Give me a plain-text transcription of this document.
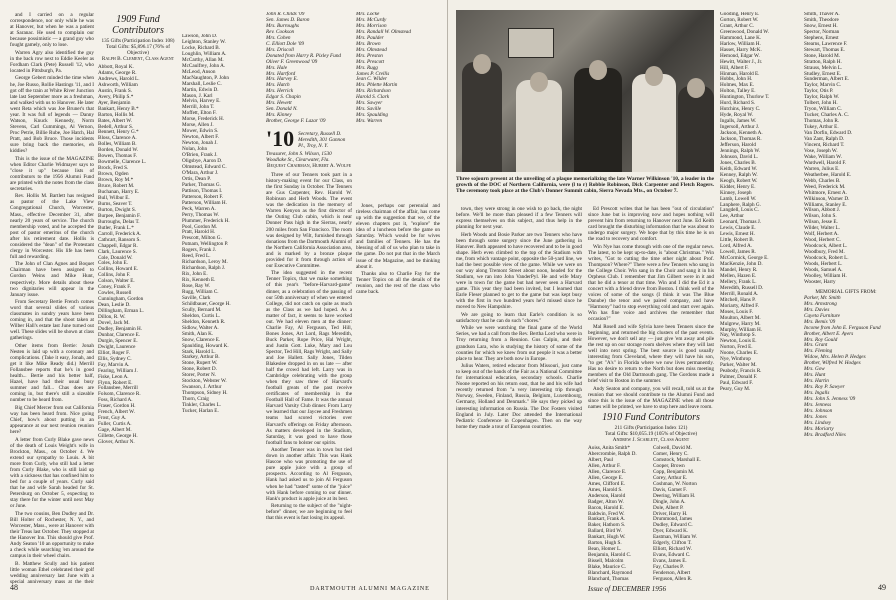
and I carried on a regular correspondence, nor only while he was at Hanover, but when he was a patient at Saranac. He used to complain our because possimistic — a grand guy who fought gamely, only to lose.

Warren Agry also identified the guy in the back row next to Eddie Keeler as Fordham Clark (Pete) Russell '12, who located in Pittsburgh, Pa.

George Gebert minded the time when he, Joe Russo, Rollie Hastings '11, and I got off the train at White River Junction late last September more as a freshman, and walked with us to Hanover. He later went Reta which was Joe Bruner's that year. It was full of legends — Danny Watson, Knuck Kennedy, Norm Stevens, Carl Cummings, Al Vernon, Proc Petrie, Billie Rube, Joe Hatch, Hal Pratt, and Bob Bruce. Those incidents sure bring back the memories, eh kiddies?

This is the issue of the MAGAZINE when Editor Charlie Widmayer says to "close it up" because lists of contributors to the 1956 Alumni Fund are printed with the notes from the class secretaries.

Rev. Hollis M. Bartlett has resigned as pastor of the Lake View Congregational Church, Worcester, Mass., effective December 31, after nearly 20 years of service. The church membership voted, and he accepted the post of pastor emeritus of the church after his retirement date. Hollis is considered the "dean" of the Protestant clergy in Worcester. His life has been full and rewarding.

The John of Clan Agnes and Boquet Chairman have been assigned to Gordon Weins and Mike Hunt, respectively. More details about these two dignitaries will appear in the January issue.

From Secretary Bertie French comes word that several slides of various classmates in sundry years have been coming in, and that the shoot taken at Wilber Hall's estate last June turned out well. These slides will be shown at class gatherings.

Other items from Bertie: Jonah Nesten is laid up with a coronary and complications. (Take it easy, Jonah, and get it like Mike Ready did.) Merrill Follansbee reports that he's in good health... Bertie and his better half, Hazel, have had their usual busy summer and fall... Chas does are coming in, but there's still a sizeable number to be heard from.

Big Chief Mercer from out California way has been heard from. Nice going Chief, how's about putting in an appearance at our next reunion reunion here?

A letter from Curly Blake gave news of the death of Louis Weight's wife in Brockton, Mass., on October 4. We extend our sympathy to Louis. A bit more from Curly, who still had a letter from Curly Blake, who is still laid up with a sickness that has confined him to bed for a couple of years. Curly said that he and wife Sarah headed for St. Petersburg on October 5, expecting to stay there for the winter until next May or June.

The two cousins, Ben Dudley and Dr. Bill Holter of Rochester, N. Y., and Worcester, Mass., were at Hanover with their Treas last October. They stopped at the Hanover Inn. This should give Prof. Andy Seaton '10 an opportunity to make a check while searching 'em around the campus in their wheel chairs.

B. Matthew Scully and his patient little woman Ethel celebrated their golf wedding anniversary last June with a special anniversary mass at the their

1909 Fund Contributors
135 Gifts (Participation Index 108)
Total Gifts: $5,896.17 (76% of Objective)
Ralph B. Clement, Class Agent
Abbott, Royal K.
Adams, George R.
Andrews, Harold L.
Ashworth, William
Austin, Frank S.
Avery, Philip S.*
Ayer, Benjamin
Bankart, Henry B.*
Barton, Hollis M.
Bates, Albert W.
Bedell, Arthur S.
Bennett, Henry G.*
Bloss, Clarence A.
Bolles, William B.
Borden, Donald W.
Bowen, Thomas F.
Bowmelle, Clarence L.
Brock, Fred S.
Brown, Ogden
Brown, Roy M.*
Bruce, Robert M.
Buchanan, Harry E.
Bull, Wilbur E.
Burns, Seaver T.
Burton, Dwight S.
Burpee, Benjamin F.
Burroughs, Delas T.
Butler, Frank L.*
Carroll, Frederick A.
Cathcart, Ransom S.
Chappell, Edgar R.
Clark, Laurence S.
Cole, Donald W.
Coles, John E.
Collins, Howard E.
Collins, John F.
Colson, Walter E.
Coney, Frank F.
Cowles, Russell
Cunningham, Gordon
Dean, Leslie D.
Dillingham, Erman L.
Dillon, R. W.
Dovel, Jack M.
Dudley, Benjamin H.
Dunbar, Clarence E.
Durgin, Spencer E.
Dwight, Laurence
Elliot, Roger F.
Ellis, Sydney C.
Fay, Marvin A.
Fearing, William J.
Fiske, Leon A.
Flynn, Robert E.
Follansbee, Merrill
Folsom, Clarence R.
Foss, Richard A.
Fraser, Gordon H.
French, Albert W.
Frost, Guy A.
Fuller, Curtis A.
Gage, Albert M.
Gillette, George H.
Glover, Arthur N.
Lawson, John D.
Leighton, Stanley W.
Locke, Richard B.
Loughlin, William A.
McCarthy, Allan M.
McCaulfrey, John A.
McLeod, Anson
MacNaughton, P. John
Marshall, Leslie C.
Martin, Edwin D.
Mason, J. Karl
Melvin, Harvey E.
Merrill, John T.
Moffett, Elton F.
Morse, Frederick H.
Morse, Allen J.
Mower, Edwin S.
Newton, Albert F.
Newton, Jonah J.
Nolan, John
O'Brien, Frank J.
Oligsbye, Aaron D.
Olmstead, Edward C.
O'Mara, Arthur J.
Ortis, Dean P.
Parker, Thomas G.
Pattison, Thomas I.
Patterson, Robert F.
Patterson, William H.
Peck, Warren A.
Perry, Thomas W.
Plummer, Frederick H.
Pool, Gordon M.
Pratt, Harold H.
Prescott, Milton G.
Putnam, Wellington P.
Rogers, Frank J.
Reed, Fred L.
Richardson, Leroy M.
Richardson, Ralph J.
Rix, John E.
Rix, Kenneth E.
Rose, Ray W.
Rugg, William C.
Saville, Clark
Schildbauer, George H.
Scully, Bernard M.
Sheldon, Curtis L.
Sheldon, Kenneth R.
Sidlow, Walter A.
Smith, Alan K.
Snow, Clarence E.
Spaulding, Howard K.
Stark, Harold L.
Starkey, Arthur B.
Stone, Rupert W.
Stone, Robert D.
Storer, Porter N.
Stockton, Webster W.
Swanson, J. Arthur
Thompson, Sidney H.
Thorn, Craig
Tinkler, Charles L.
Tucker, Harlan E.
John R. Childs '09
Sen. James D. Baron
Mrs. Burroughs
Rev. Cookson
Mrs. Cohen
C. Elliott Dole '09
Mrs. Driscoll
Donated from Harry R. Pixley Fund
Oliver F. Greenwood '09
Mrs. Hale
Mrs. Hartford
Mrs. Harvey E.
Mrs. Hatch
Mrs. Herrick
Edgar S. Chapin
Mrs. Hewett
Sen. Donald N.
Mrs. Kinney
Brother, George F. Lazar '09
'10 Secretary, Russell D. Meredith, 301 Gannon Pl., Troy, N. Y.
Treasurer, John S. Wilson, 1530 Woodlake St., Clearwater, Fla.
Bequest Chairman, Hubert A. Wolfe

Three of our Tenners took part in a history-making event for our Class, on the first Sunday in October. The Tenners are Gus Carpenter, Rev. Harold W. Robinson and Herb Woods. The event was the dedication in the memory of Warren Kenyon as the first director of the Outing Club cabin, which is near Donner Pass high in the Sierras, nearly 200 miles from San Francisco. The room was designed by Wilt, furnished through donations from the Dartmouth Alumni of the Northern California Association area, and is marked by a bronze plaque provided for it from through action of our Executive Committee.

The idea suggested in the recent Tenner Topics, that we make something of this year's "before-Harvard-game" dinner, as a celebration of the passing of our 50th anniversary of when we entered College, did not catch on quite as much as the Class as we had hoped. As a matter of fact, it seems to have worked out. We had eleven men at the dinner: Charlie Fay, Al Ferguson, Ted Hill, Bones Jones, Art Lord, Rags Meredith, Buck Parker, Rope Price, Hal Wright, and Justin Gott. Luke, Mary and Lou Spector, Ted Hill, Rags Wright, and Sally and Joe Hallett. Sally Jones, Tilden Blakeslee dropped in on us late — after half the crowd had left. Larry was in Cambridge celebrating with the group when they saw three of Harvard's football greats of the past receive certificates of membership in the Football Hall of Fame. It was the annual Harvard Varsity Club dinner. From Larry we learned that our Jaycee and Freshmen teams had scored victories over Harvard's offerings on Friday afternoon. As matters developed in the Stadium, Saturday, it was good to have those football fans to bolster our spirits.

Another Tenner was in town but tied down in another affair. This was Hank Hascoe who was promoting the use of pure apple juice with a group of prospects. According to Al Ferguson, Hank had asked us to join Al Ferguson when he had "tasted" some of the "juice" with Hank before coming to our dinner. Hank's product is apple juice at its best.

Returning to the subject of the "night-before" dinner, we are beginning to feel that this event is fast losing its appeal.

Mrs. Locke
Mrs. McCurdy
Mrs. Morrison
Mrs. Randall W. Olmstead
Mrs. Paulder
Mrs. Brown
Mrs. Olmstead
Mrs. Preston
Mrs. Prescott
Mrs. Rugg
James P. Crellis
Jean C. Wilder
Mrs. Phlette Martin
Mrs. Richardson
Harold S. Clark
Mrs. Sawyer
Mrs. Saville
Mrs. Spaulding
Mrs. Warren

Jones, perhaps our perennial and tireless chairman of the affair, has come up with the suggestion that we, of the eleven chapters put it, "explore" the idea of a luncheon before the game on Saturday. Which would be for wives and families of Tenners. He has the blessing of all of us who plan to take in the game. Do not put that in the March issue of the Magazine, and be thinking about it.

Thanks also to Charlie Fay for the Tenner Topics on all the details of the reunion, and the rest of the class who came back.

48	DARTMOUTH ALUMNI MAGAZINE
Three sojourn present at the unveiling of a plaque memorializing the late Warner Wilkinson '10, a leader in the growth of the DOC of Northern California, were (l to r) Robbie Robinson, Dick Carpenter and Fletch Rogers. The ceremony took place at the Club's Donner Summit cabin, Sierra Nevada Mts., on October 7.

town, they were strong in one wish to go back, the night before. We'll be more than pleased if a few Tenners will express themselves on this subject, and thus help in the planning for next year.

Herb Woods and Bosie Parker are two Tenners who have been through some surgery since the June gathering in Hanover. Both appeared to have recovered and to be in good shape. Herb even climbed to the top of the Stadium with me, from which vantage point, opposite the 50-yard line, we had the best possible view of the game. While we were on our way along Tremont Street about noon, headed for the Stadium, we ran into John VanderPyl. He and wife Mary were in town for the game but had never seen a Harvard game. This year they had been invited, but I learned that Earle Fleser planned to get to the game but was kept busy with the first in two hundred years he'd missed since he moved to New Hampshire.

We are going to learn that Earle's condition is so satisfactory that he can do such "chores."

While we were watching the final game of the World Series, we had a call from the Rev. Bertha Lord who were in Troy returning from a Reunion. Gus Calpin, and their grandson Lara, who is studying the history of some of the counties for which we knew from out people it was a better place to hear. They are both now in Europe.

Julius Waters, retired educator from Missouri, just came to keep out of the hands of the Fair as a National Committee for international education, secondary schools. Charlie Noone reported on his return east, that he and his wife had recently returned from "a very interesting trip through Norway, Sweden, Finland, Russia, Belgium, Luxembourg, Germany, Holland and Denmark." He says they picked up interesting information on Russia. The Doc Fosters visited England in July. Later Doc attended the International Pediatric Conference in Copenhagen. Then on the way home they made a tour of European countries.

Ed Prescott writes that he has been "out of circulation" since June but is improving now and hopes nothing will prevent him from returning to Hanover next June. Ed Keith card brought the disturbing information that he was about to undergo major surgery. We hope that by this time he is on the road to recovery and comfort.

Win Nye has come through with one of the regular news. The latest, to be kept up-to-date, is "about Christmas." Win writes, "Got to cutting the time other night about Prof. Thompson? Where?" There were a few Tenners who sang in the College Choir. Win sang in the Choir and sang it in his Orpheus Club. I remember that Jim Gilbert were in it and that he did a tenor at that time. Win and I did the Ed it a concert with a friend drove from Boston. I think well of the voices of some of the songs (I think it was The Blue Danube) the tenor and we paired company, and have "Harmony" had to stop everything cold and start over again. Win has fine voice and archives the remember that occasion?"

Mal Rosell and wife Sylvia have been Tenners since the beginning, and returned the big clusters of the past events. However, we don't sell any — just give 'em away and pile the rest up on our storage room shelves where they will last well into next spring. The best source is good usually interesting from Cleveland, where they will have his son, "to get "A's" in Florida where we now lives permanently. Has no desire to return to the North but does miss meeting members of the Old Dartmouth gang. The Gordons made a brief visit to Boston in the summer.

Andy Seaton and company, you will recall, told us at the reunion that we should contribute to the Alumni Fund and since this is the issue of the MAGAZINE when all those names will be printed, we have to stop here and leave room.

1910 Fund Contributors
211 Gifts (Participation Index 121)
Total Gifts: $10,055.19 (105% of Objective)
Andrew J. Scarlett, Class Agent
Aoiss, Anita Smith*
Abercrombie, Ralph D.
Albert, Paul
Allen, Arthur F.
Allen, Clarence E.
Allen, George E.
Ames, Clifford E.
Ames, Harold S.
Anderson, Harold
Badger, Alton W.
Bacon, Harold E.
Baldwin, Fred W.
Bankart, Frank A.
Baker, Hathorn S.
Ballard, Bird W.
Bankart, Hugh W.
Barton, Hugh S.
Bean, Homer L.
Benjamin, Harold C.
Bissell, Malcolm
Blake, Maurice C.
Blanchard, Raymond
Blanchard, Thomas
Colwell, David M.
Comer, Henry C.
Comstock, Marshall E.
Cooper, Brown
Copp, Benjamin M.
Corey, Arthur E.
Coshman, W. Norton
Davis, Garnet F.
Deering, William H.
Dingle, John A.
Dole, Albert P.
Driver, Harry H.
Drummond, James
Dudley, Edward C.
Dyer, Edward K.
Eastman, William W.
Edgerly, Clifton T.
Elliott, Richard W.
Evans, Edward C.
Evans, James E.
Fay, Charles P.
Fenderson, Albert
Ferguson, Allen R.
Gooding, Henry E.
Gorton, Robert W.
Grant, Arthur C.
Greenwood, Donald W.
Hammond, Lane K.
Harlow, William H.
Hasset, Harry McK.
Hemond, Edgar W.
Hewitt, Walter J., Jr.
Hill, Albert F.
Hinman, Harold E.
Hobbs, John H.
Holmes, Max E.
Holton, Talley E.
Huntington, Thurlow T.
Hurd, Richard S.
Hutchins, Henry C.
Hyde, Royal W.
Ingalls, James W.
Ingersoll, Arthur J.
Jackson, Kenneth A.
Jackson, Thomas R.
Jefferson, Harold
Jennings, Ralph W.
Johnson, David L.
Jones, Charles B.
Keith, Edward W.
Kenney, Ralph W.
Keogh, Robert W.
Kidder, Henry E.
Kinney, Joseph
Lamb, Lowell W.
Lanphere, Ralph G.
Langdell, Louis C.
Lee, Arthur
Leonard, Thomas J.
Lewis, Claude E.
Lewis, Ernest H.
Little, Robert B.
Lord, Alfred A.
Lowell, James R.
McCormick, George E.
MacKenzie, John D.
Mandel, Henry R.
Mellen, Hazen E.
Mellery, Frank L.
Meredith, Russell D.
Merrill, Ronald A.
Mitchell, Hans P.
Moriarty, Alfred F.
Moses, Louis F.
Moulton, Albert M.
Mulgrew, Harry M.
Murphy, William H.
Nay, Winthrop S.
Newton, Louis E.
Norton, Fred E.
Noone, Charles E.
Nye, Winthrop
Parker, Walter M.
Peabody, Francis R.
Palmer, Donald F.
Paul, Edward F.
Peary, Guy M.
Smith, Thaver A.
Smith, Theodore
Snow, Ernest H.
Spector, Norman
Stephens, Ernest
Stearns, Lawrence F.
Stewart, Thomas E.
Stone, Harold M.
Stratton, Ralph H.
Strauss, Melvin L.
Studley, Ernest E.
Sunderman, Albert E.
Taylor, Marvin C.
Taylor, Otis P.
Taylor, Ralph W.
Tolbert, John H.
Tryon, William C.
Tucker, Charles A. C.
Thomas, John R.
Tukey, Arthur E.
Van Dorfin, Edward D.
Van Zant, Ralph D.
Vincent, Richard T.
Vose, Joseph W.
Wake, William W.
Wardwell, Harold F.
Warren, Julius E.
Weatherbee, Harold E.
Webb, Charles B.
Weed, Frederick M.
Whitmore, Ernest A.
Wilkinson, Warner D.
Williams, Stanley E.
Wilson, Abbott J.
Wilson, John S.
Wilson, Jesse E.
Wilder, Walter L.
Wolf, Herbert A.
Wood, Herbert C.
Woodcock, Albert L.
Woodbury, Fred M.
Woodcock, Robert L.
Woods, Herbert L.
Woods, Samuel A.
Woolley, William H.
Wooster, Harry
MEMORIAL GIFTS FROM:
Parker, Mr. Smith
Mrs. Armstrong
Mrs. Davies
Cayeta Furniture
Mrs. Bemis '09
Income from John E. Ferguson Fund
Brother, Albert E. Ayers
Mrs. Roy Gould
Mrs. Grant
Mrs. Fleming
Widow, Mrs. Helen P. Hedges
Brother, Wilfred W. Hodges
Mrs. Gow
Mrs. Hunt
Mrs. Hartin
Mrs. Roy P. Sawyer
Mrs. Ingalls
Mrs. John S. Jenness '09
Mrs. Jenness
Mrs. Johnson
Mrs. Jones
Mrs. Lindsey
Mrs. Moriarty
Mrs. Bradford Niles
Issue of DECEMBER 1956	49
